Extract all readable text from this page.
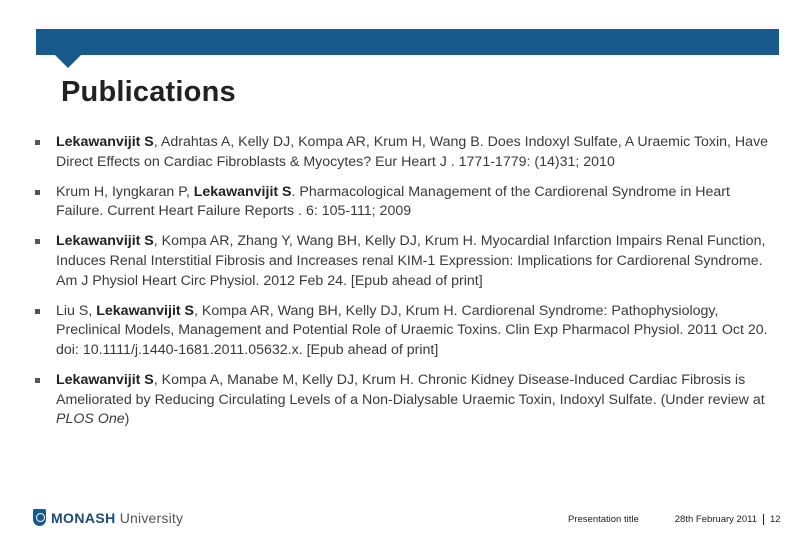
Publications
Lekawanvijit S, Adrahtas A, Kelly DJ, Kompa AR, Krum H, Wang B. Does Indoxyl Sulfate, A Uraemic Toxin, Have Direct Effects on Cardiac Fibroblasts & Myocytes? Eur Heart J . 1771-1779: (14)31; 2010
Krum H, Iyngkaran P, Lekawanvijit S. Pharmacological Management of the Cardiorenal Syndrome in Heart Failure. Current Heart Failure Reports . 6: 105-111; 2009
Lekawanvijit S, Kompa AR, Zhang Y, Wang BH, Kelly DJ, Krum H. Myocardial Infarction Impairs Renal Function, Induces Renal Interstitial Fibrosis and Increases renal KIM-1 Expression: Implications for Cardiorenal Syndrome. Am J Physiol Heart Circ Physiol. 2012 Feb 24. [Epub ahead of print]
Liu S, Lekawanvijit S, Kompa AR, Wang BH, Kelly DJ, Krum H. Cardiorenal Syndrome: Pathophysiology, Preclinical Models, Management and Potential Role of Uraemic Toxins. Clin Exp Pharmacol Physiol. 2011 Oct 20. doi: 10.1111/j.1440-1681.2011.05632.x. [Epub ahead of print]
Lekawanvijit S, Kompa A, Manabe M, Kelly DJ, Krum H. Chronic Kidney Disease-Induced Cardiac Fibrosis is Ameliorated by Reducing Circulating Levels of a Non-Dialysable Uraemic Toxin, Indoxyl Sulfate. (Under review at PLOS One)
MONASH University	Presentation title	28th February 2011 12
